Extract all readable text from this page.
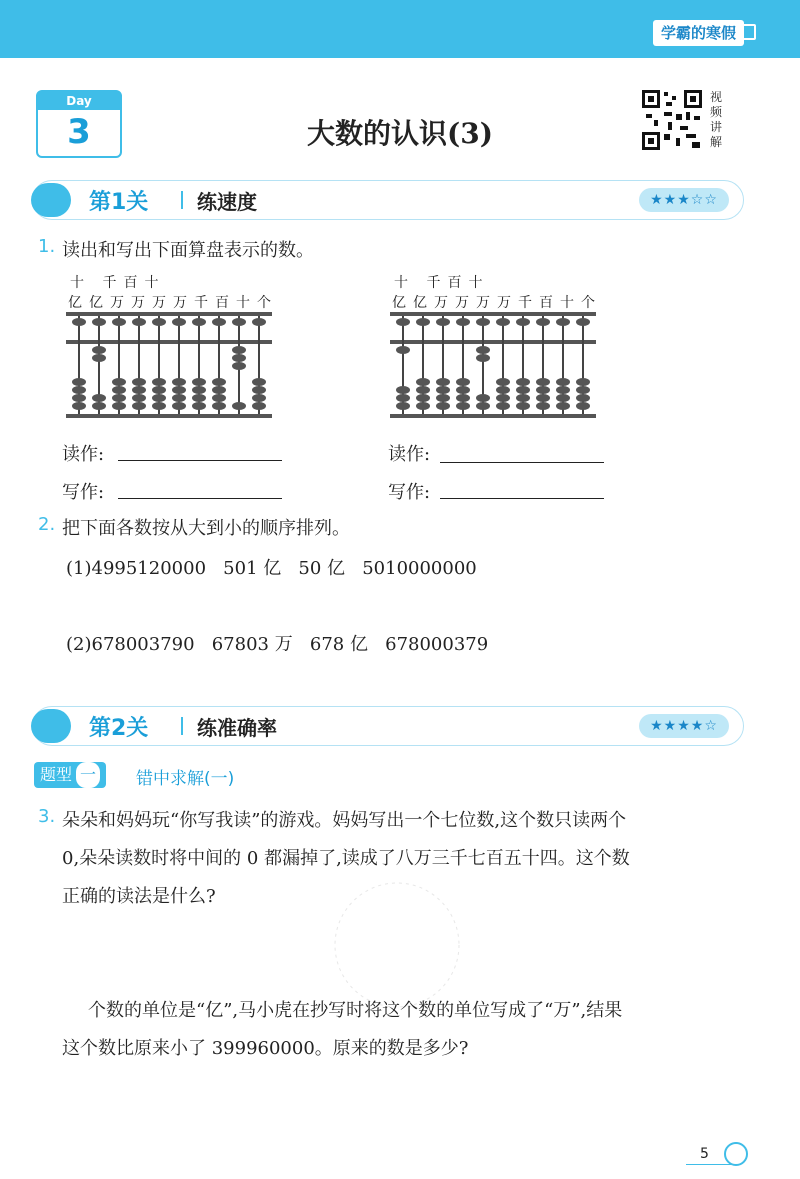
学霸的寒假
Day
3	大数的认识(3)
视频讲解
第1关 练速度	★★★☆☆
1. 读出和写出下面算盘表示的数。
十 千百十
亿亿万万万万千百十个
十 千百十
亿亿万万万万千百十个
读作:
写作:
读作:
写作:
2. 把下面各数按从大到小的顺序排列。
(1)4995120000   501 亿   50 亿   5010000000
(2)678003790   67803 万   678 亿   678000379
第2关 练准确率	★★★★☆
题型 一	错中求解(一)
3. 朵朵和妈妈玩“你写我读”的游戏。妈妈写出一个七位数,这个数只读两个
0,朵朵读数时将中间的 0 都漏掉了,读成了八万三千七百五十四。这个数
正确的读法是什么?
个数的单位是“亿”,马小虎在抄写时将这个数的单位写成了“万”,结果
这个数比原来小了 399960000。原来的数是多少?
5
